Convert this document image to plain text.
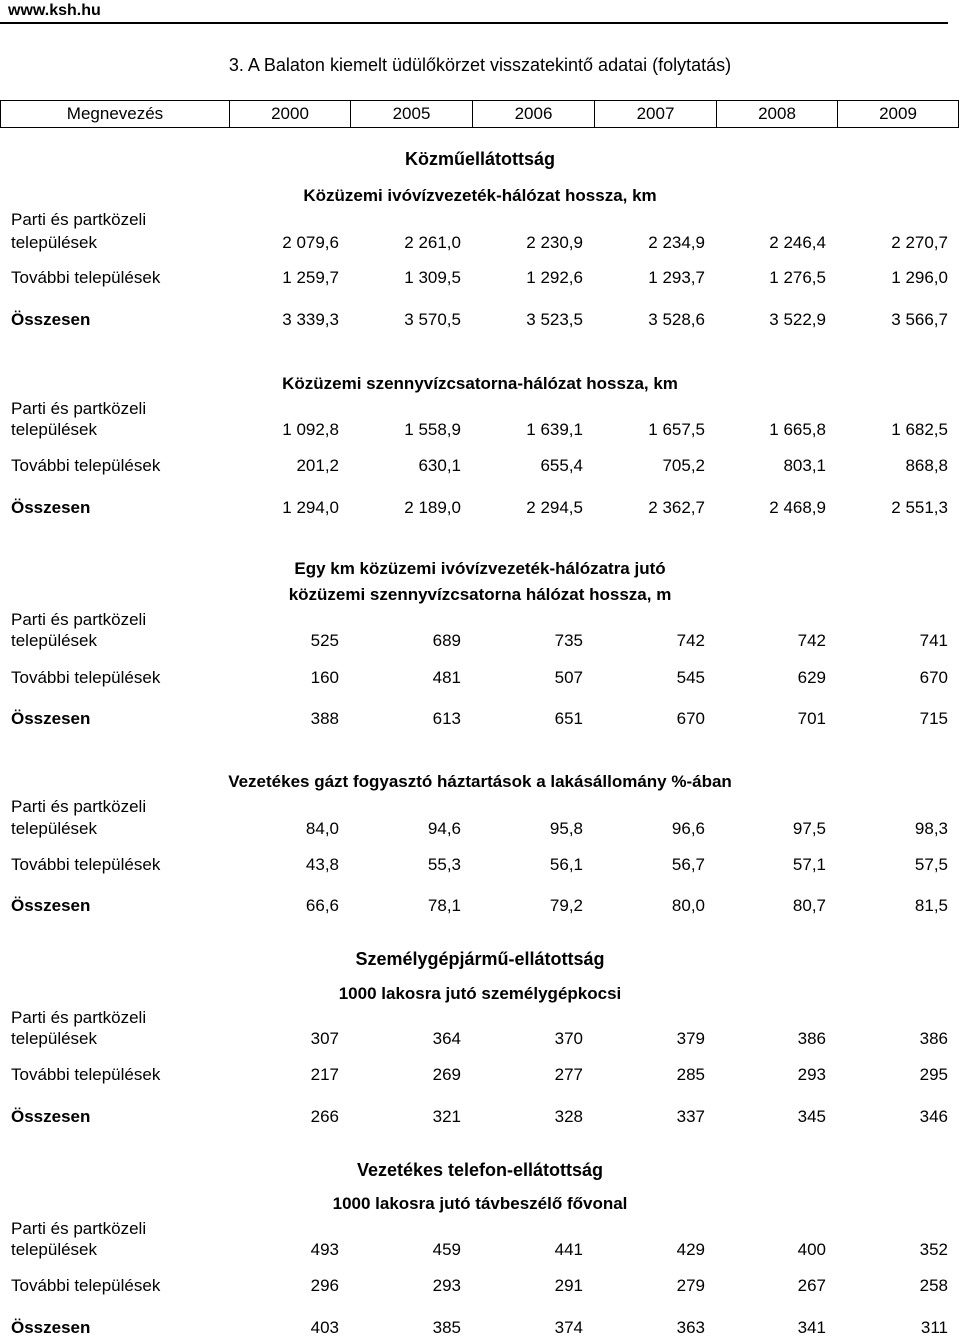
www.ksh.hu
3. A Balaton kiemelt üdülőkörzet visszatekintő adatai (folytatás)
Megnevezés	2000	2005	2006	2007	2008	2009
Közműellátottság
Közüzemi ivóvízvezeték-hálózat hossza, km
Parti és partközeli
települések	2 079,6	2 261,0	2 230,9	2 234,9	2 246,4	2 270,7
További települések	1 259,7	1 309,5	1 292,6	1 293,7	1 276,5	1 296,0
Összesen	3 339,3	3 570,5	3 523,5	3 528,6	3 522,9	3 566,7
Közüzemi szennyvízcsatorna-hálózat hossza, km
Parti és partközeli
települések	1 092,8	1 558,9	1 639,1	1 657,5	1 665,8	1 682,5
További települések	201,2	630,1	655,4	705,2	803,1	868,8
Összesen	1 294,0	2 189,0	2 294,5	2 362,7	2 468,9	2 551,3
Egy km közüzemi ivóvízvezeték-hálózatra jutó
közüzemi szennyvízcsatorna hálózat hossza, m
Parti és partközeli
települések	525	689	735	742	742	741
További települések	160	481	507	545	629	670
Összesen	388	613	651	670	701	715
Vezetékes gázt fogyasztó háztartások a lakásállomány %-ában
Parti és partközeli
települések	84,0	94,6	95,8	96,6	97,5	98,3
További települések	43,8	55,3	56,1	56,7	57,1	57,5
Összesen	66,6	78,1	79,2	80,0	80,7	81,5
Személygépjármű-ellátottság
1000 lakosra jutó személygépkocsi
Parti és partközeli
települések	307	364	370	379	386	386
További települések	217	269	277	285	293	295
Összesen	266	321	328	337	345	346
Vezetékes telefon-ellátottság
1000 lakosra jutó távbeszélő fővonal
Parti és partközeli
települések	493	459	441	429	400	352
További települések	296	293	291	279	267	258
Összesen	403	385	374	363	341	311
